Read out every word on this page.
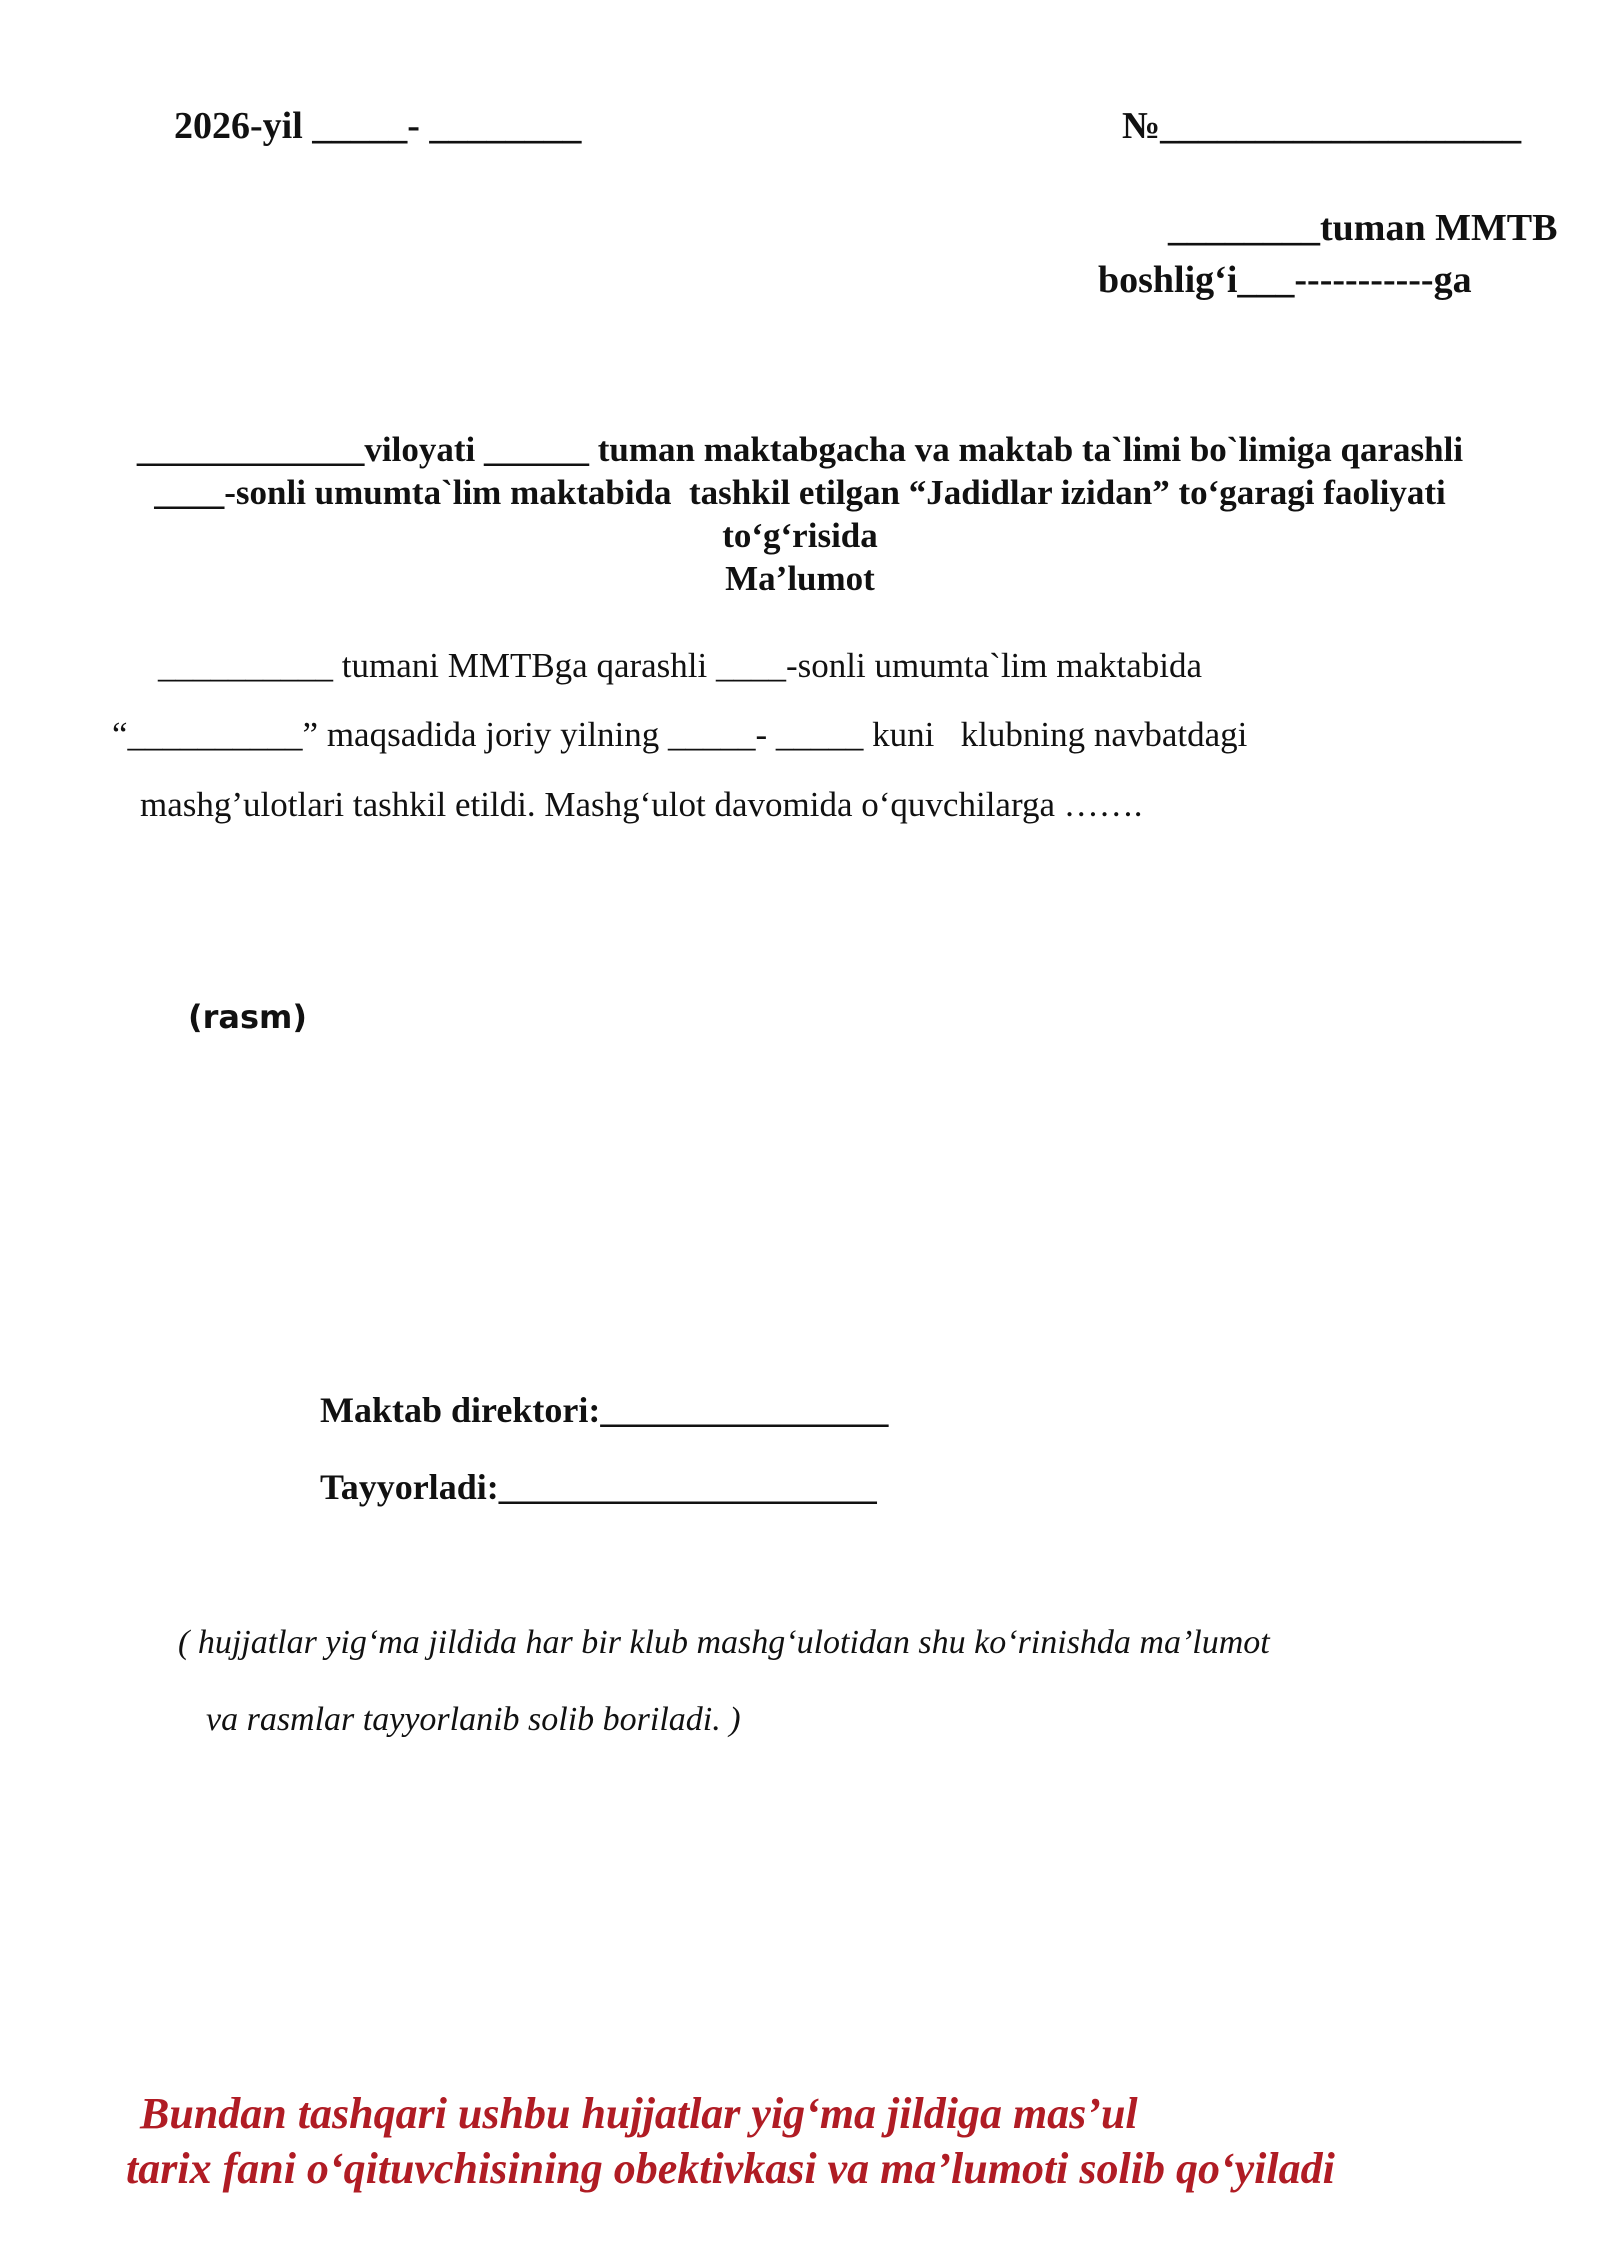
2026-yil _____- ________	№___________________
________tuman MMTB
boshlig‘i___-----------ga
_____________viloyati ______ tuman maktabgacha va maktab ta`limi bo`limiga qarashli
____-sonli umumta`lim maktabida  tashkil etilgan “Jadidlar izidan” to‘garagi faoliyati
to‘g‘risida
Ma’lumot
__________ tumani MMTBga qarashli ____-sonli umumta`lim maktabida
“__________” maqsadida joriy yilning _____- _____ kuni   klubning navbatdagi
mashg’ulotlari tashkil etildi. Mashg‘ulot davomida o‘quvchilarga …….
(rasm)
Maktab direktori:________________
Tayyorladi:_____________________
( hujjatlar yig‘ma jildida har bir klub mashg‘ulotidan shu ko‘rinishda ma’lumot
va rasmlar tayyorlanib solib boriladi. )
Bundan tashqari ushbu hujjatlar yig‘ma jildiga mas’ul
tarix fani o‘qituvchisining obektivkasi va ma’lumoti solib qo‘yiladi
